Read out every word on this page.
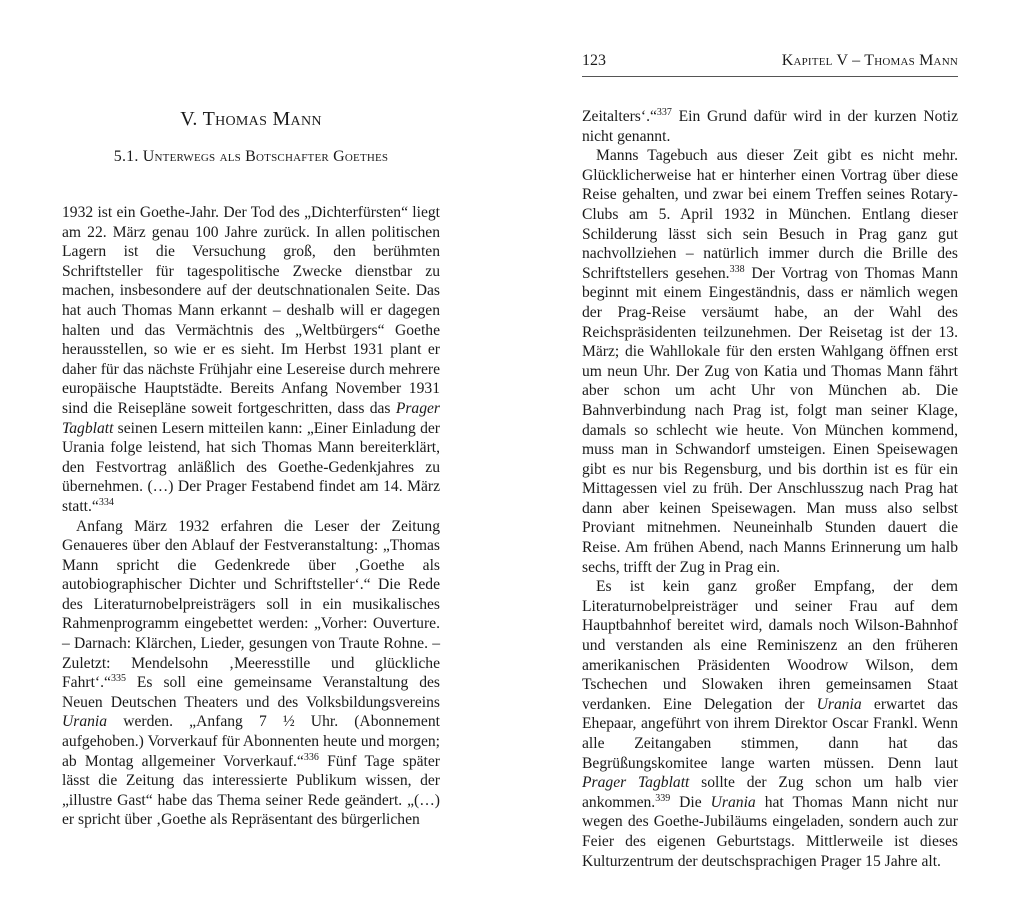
123	Kapitel V – Thomas Mann
V. Thomas Mann
5.1. Unterwegs als Botschafter Goethes

1932 ist ein Goethe-Jahr. Der Tod des „Dichterfürsten“ liegt am 22. März genau 100 Jahre zurück. In allen politischen Lagern ist die Versuchung groß, den berühmten Schriftsteller für tagespolitische Zwecke dienstbar zu machen, insbesondere auf der deutschnationalen Seite. Das hat auch Thomas Mann erkannt – deshalb will er dagegen halten und das Vermächtnis des „Weltbürgers“ Goethe herausstellen, so wie er es sieht. Im Herbst 1931 plant er daher für das nächste Frühjahr eine Lesereise durch mehrere europäische Hauptstädte. Bereits Anfang November 1931 sind die Reisepläne soweit fortgeschritten, dass das Prager Tagblatt seinen Lesern mitteilen kann: „Einer Einladung der Urania folge leistend, hat sich Thomas Mann bereiterklärt, den Festvortrag anläßlich des Goethe-Gedenkjahres zu übernehmen. (…) Der Prager Festabend findet am 14. März statt.“$^{334}$

Anfang März 1932 erfahren die Leser der Zeitung Genaueres über den Ablauf der Festveranstaltung: „Thomas Mann spricht die Gedenkrede über ‚Goethe als autobiographischer Dichter und Schriftsteller‘.“ Die Rede des Literaturnobelpreisträgers soll in ein musikalisches Rahmenprogramm eingebettet werden: „Vorher: Ouverture. – Darnach: Klärchen, Lieder, gesungen von Traute Rohne. – Zuletzt: Mendelsohn ‚Meeresstille und glückliche Fahrt‘.“$^{335}$ Es soll eine gemeinsame Veranstaltung des Neuen Deutschen Theaters und des Volksbildungsvereins Urania werden. „Anfang 7 ½ Uhr. (Abonnement aufgehoben.) Vorverkauf für Abonnenten heute und morgen; ab Montag allgemeiner Vorverkauf.“$^{336}$ Fünf Tage später lässt die Zeitung das interessierte Publikum wissen, der „illustre Gast“ habe das Thema seiner Rede geändert. „(…) er spricht über ‚Goethe als Repräsentant des bürgerlichen

Zeitalters‘.“$^{337}$ Ein Grund dafür wird in der kurzen Notiz nicht genannt.

Manns Tagebuch aus dieser Zeit gibt es nicht mehr. Glücklicherweise hat er hinterher einen Vortrag über diese Reise gehalten, und zwar bei einem Treffen seines Rotary-Clubs am 5. April 1932 in München. Entlang dieser Schilderung lässt sich sein Besuch in Prag ganz gut nachvollziehen – natürlich immer durch die Brille des Schriftstellers gesehen.$^{338}$ Der Vortrag von Thomas Mann beginnt mit einem Eingeständnis, dass er nämlich wegen der Prag-Reise versäumt habe, an der Wahl des Reichspräsidenten teilzunehmen. Der Reisetag ist der 13. März; die Wahllokale für den ersten Wahlgang öffnen erst um neun Uhr. Der Zug von Katia und Thomas Mann fährt aber schon um acht Uhr von München ab. Die Bahnverbindung nach Prag ist, folgt man seiner Klage, damals so schlecht wie heute. Von München kommend, muss man in Schwandorf umsteigen. Einen Speisewagen gibt es nur bis Regensburg, und bis dorthin ist es für ein Mittagessen viel zu früh. Der Anschlusszug nach Prag hat dann aber keinen Speisewagen. Man muss also selbst Proviant mitnehmen. Neuneinhalb Stunden dauert die Reise. Am frühen Abend, nach Manns Erinnerung um halb sechs, trifft der Zug in Prag ein.

Es ist kein ganz großer Empfang, der dem Literaturnobelpreisträger und seiner Frau auf dem Hauptbahnhof bereitet wird, damals noch Wilson-Bahnhof und verstanden als eine Reminiszenz an den früheren amerikanischen Präsidenten Woodrow Wilson, dem Tschechen und Slowaken ihren gemeinsamen Staat verdanken. Eine Delegation der Urania erwartet das Ehepaar, angeführt von ihrem Direktor Oscar Frankl. Wenn alle Zeitangaben stimmen, dann hat das Begrüßungskomitee lange warten müssen. Denn laut Prager Tagblatt sollte der Zug schon um halb vier ankommen.$^{339}$ Die Urania hat Thomas Mann nicht nur wegen des Goethe-Jubiläums eingeladen, sondern auch zur Feier des eigenen Geburtstags. Mittlerweile ist dieses Kulturzentrum der deutschsprachigen Prager 15 Jahre alt.
